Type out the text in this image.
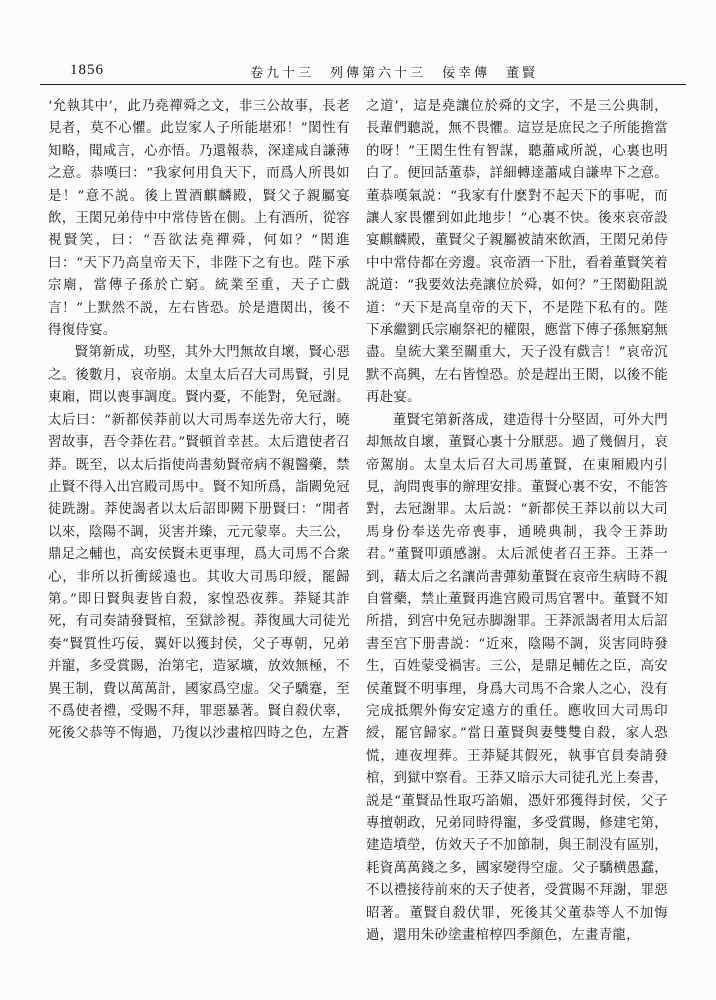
1856	卷九十三　列傳第六十三　佞幸傳　董賢

‘允執其中’，此乃堯禪舜之文，非三公故事，長老見者，莫不心懼。此豈家人子所能堪邪！”閎性有知略，聞咸言，心亦悟。乃還報恭，深達咸自謙薄之意。恭嘆曰：“我家何用負天下，而爲人所畏如是！”意不説。後上置酒麒麟殿，賢父子親屬宴飲，王閎兄弟侍中中常侍皆在側。上有酒所，從容視賢笑，曰：“吾欲法堯禪舜，何如？”閎進曰：“天下乃高皇帝天下，非陛下之有也。陛下承宗廟，當傳子孫於亡窮。統業至重，天子亡戲言！”上默然不説，左右皆恐。於是遣閎出，後不得復侍宴。

賢第新成，功堅，其外大門無故自壞，賢心惡之。後數月，哀帝崩。太皇太后召大司馬賢，引見東廂，問以喪事調度。賢内憂，不能對，免冠謝。太后曰：“新都侯莽前以大司馬奉送先帝大行，曉習故事，吾令莽佐君。”賢頓首幸甚。太后遣使者召莽。既至，以太后指使尚書劾賢帝病不親醫藥，禁止賢不得入出宫殿司馬中。賢不知所爲，詣闕免冠徒跣謝。莽使謁者以太后詔即闕下册賢曰：“閒者以來，陰陽不調，災害并臻，元元蒙辜。夫三公，鼎足之輔也，高安侯賢未更事理，爲大司馬不合衆心，非所以折衝綏遠也。其收大司馬印綬，罷歸第。”即日賢與妻皆自殺，家惶恐夜葬。莽疑其詐死，有司奏請發賢棺，至獄診視。莽復風大司徒光奏“賢質性巧佞，翼奸以獲封侯，父子專朝，兄弟并寵，多受賞賜，治第宅，造冢壙，放效無極，不異王制，費以萬萬計，國家爲空虚。父子驕蹇，至不爲使者禮，受賜不拜，罪惡暴著。賢自殺伏辜，死後父恭等不悔過，乃復以沙畫棺四時之色，左蒼

之道’，這是堯讓位於舜的文字，不是三公典制，長輩們聽説，無不畏懼。這豈是庶民之子所能擔當的呀！”王閎生性有智謀，聽蕭咸所説，心裏也明白了。便回話董恭，詳細轉達蕭咸自謙卑下之意。董恭嘆氣説：“我家有什麽對不起天下的事呢，而讓人家畏懼到如此地步！”心裏不快。後來哀帝設宴麒麟殿，董賢父子親屬被請來飲酒，王閎兄弟侍中中常侍都在旁邊。哀帝酒一下肚，看着董賢笑着説道：“我要效法堯讓位於舜，如何？”王閎勸阻説道：“天下是高皇帝的天下，不是陛下私有的。陛下承繼劉氏宗廟祭祀的權限，應當下傳子孫無窮無盡。皇統大業至關重大，天子没有戲言！”哀帝沉默不高興，左右皆惶恐。於是趕出王閎，以後不能再赴宴。

董賢宅第新落成，建造得十分堅固，可外大門却無故自壞，董賢心裏十分厭惡。過了幾個月，哀帝駕崩。太皇太后召大司馬董賢，在東厢殿内引見，詢問喪事的辦理安排。董賢心裏不安，不能答對，去冠謝罪。太后説：“新都侯王莽以前以大司馬身份奉送先帝喪事，通曉典制，我令王莽助君。”董賢叩頭感謝。太后派使者召王莽。王莽一到，藉太后之名讓尚書彈劾董賢在哀帝生病時不親自嘗藥，禁止董賢再進宫殿司馬官署中。董賢不知所措，到宫中免冠赤脚謝罪。王莽派謁者用太后詔書至宫下册書説：“近來，陰陽不調，災害同時發生，百姓蒙受禍害。三公，是鼎足輔佐之臣，高安侯董賢不明事理，身爲大司馬不合衆人之心，没有完成抵禦外侮安定遠方的重任。應收回大司馬印綬，罷官歸家。”當日董賢與妻雙雙自殺，家人恐慌，連夜埋葬。王莽疑其假死，執事官員奏請發棺，到獄中察看。王莽又暗示大司徒孔光上奏書，説是“董賢品性取巧諂媚，憑奸邪獲得封侯，父子專擅朝政，兄弟同時得寵，多受賞賜，修建宅第，建造墳塋，仿效天子不加節制，與王制没有區别，耗資萬萬錢之多，國家變得空虚。父子驕横愚蠢，不以禮接待前來的天子使者，受賞賜不拜謝，罪惡昭著。董賢自殺伏罪，死後其父董恭等人不加悔過，還用朱砂塗畫棺椁四季顔色，左畫青龍，
